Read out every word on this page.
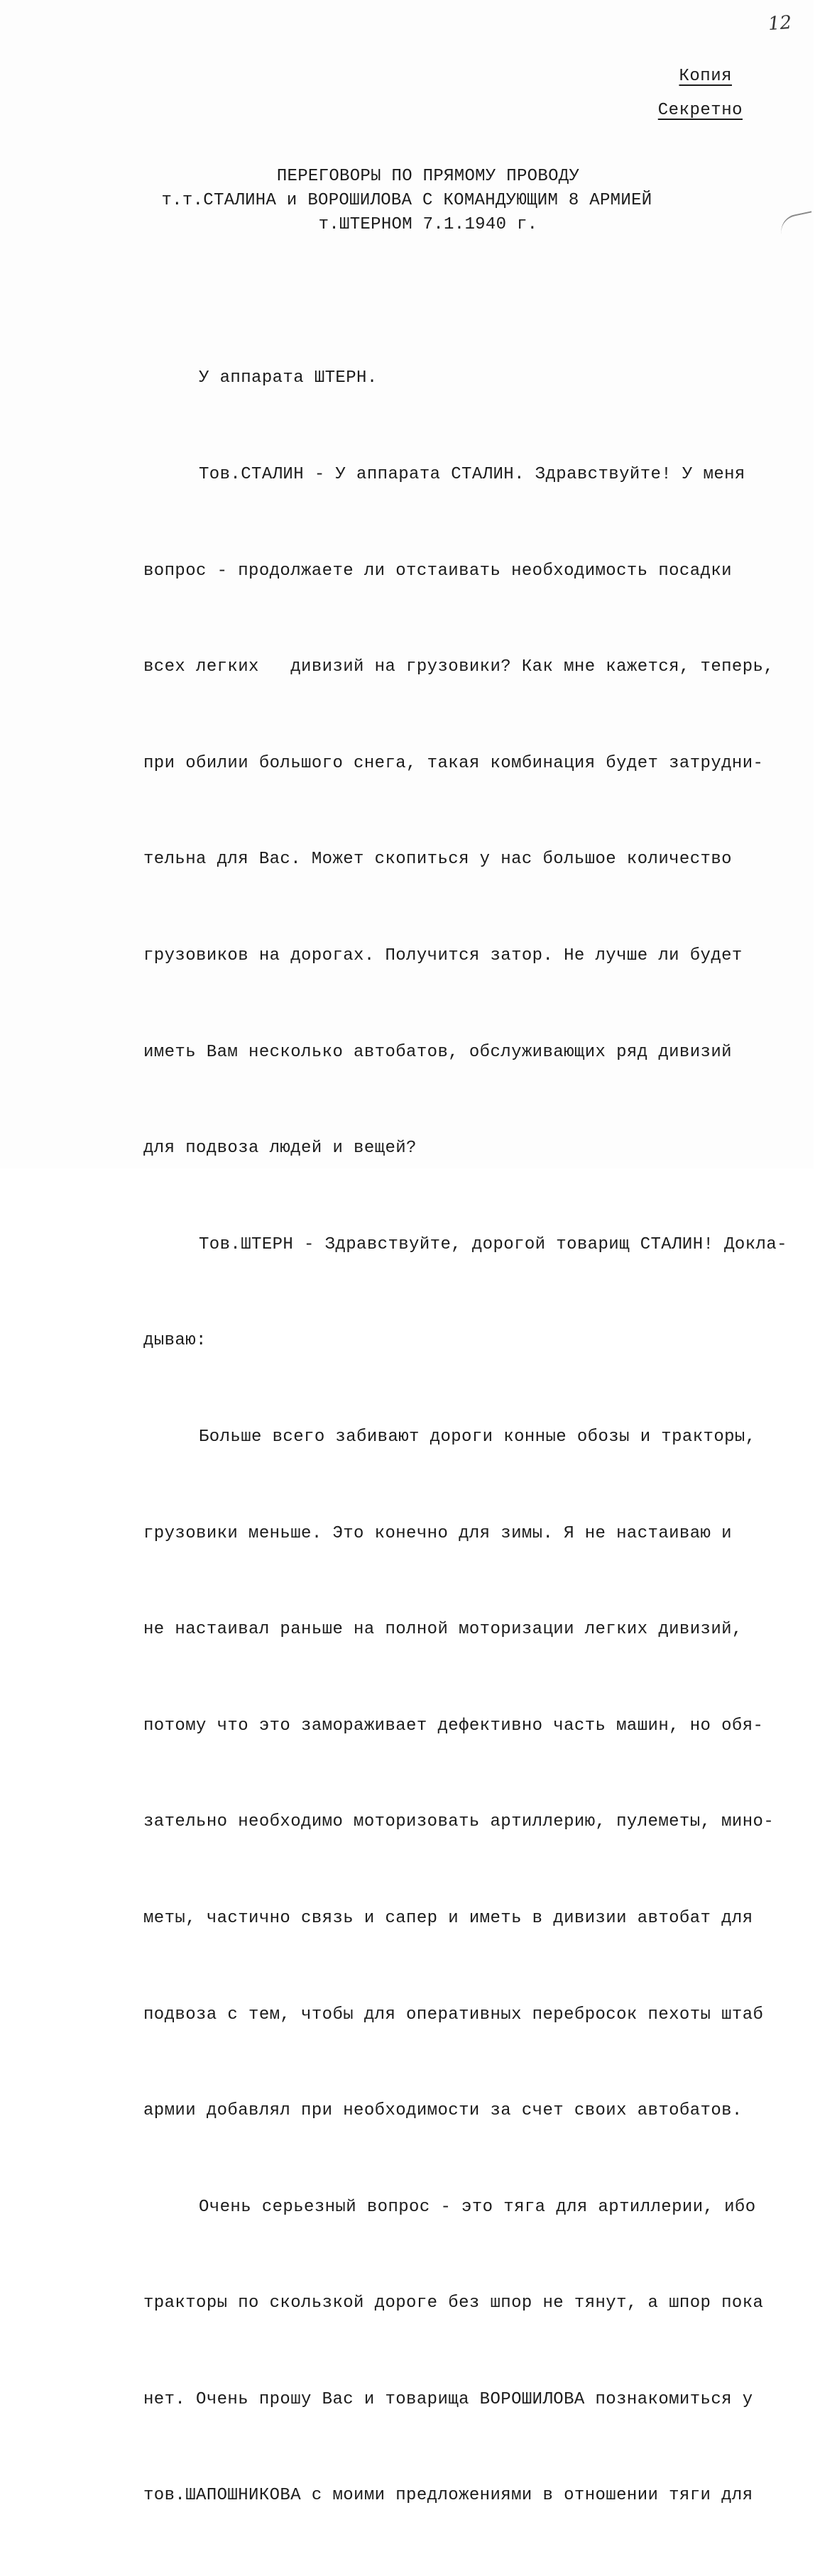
12
Копия
Секретно
ПЕРЕГОВОРЫ ПО ПРЯМОМУ ПРОВОДУ
т.т.СТАЛИНА и ВОРОШИЛОВА С КОМАНДУЮЩИМ 8 АРМИЕЙ
т.ШТЕРНОМ 7.1.1940 г.

У аппарата ШТЕРН.

Тов.СТАЛИН - У аппарата СТАЛИН. Здравствуйте! У меня

вопрос - продолжаете ли отстаивать необходимость посадки

всех легких   дивизий на грузовики? Как мне кажется, теперь,

при обилии большого снега, такая комбинация будет затрудни-

тельна для Вас. Может скопиться у нас большое количество

грузовиков на дорогах. Получится затор. Не лучше ли будет

иметь Вам несколько автобатов, обслуживающих ряд дивизий

для подвоза людей и вещей?

Тов.ШТЕРН - Здравствуйте, дорогой товарищ СТАЛИН! Доклa-

дываю:

Больше всего забивают дороги конные обозы и тракторы,

грузовики меньше. Это конечно для зимы. Я не настаиваю и

не настаивал раньше на полной моторизации легких дивизий,

потому что это замораживает дефективно часть машин, но обя-

зательно необходимо моторизовать артиллерию, пулеметы, мино-

меты, частично связь и сапер и иметь в дивизии автобат для

подвоза с тем, чтобы для оперативных перебросок пехоты штаб

армии добавлял при необходимости за счет своих автобатов.

Очень серьезный вопрос - это тяга для артиллерии, ибо

тракторы по скользкой дороге без шпор не тянут, а шпор пока

нет. Очень прошу Вас и товарища ВОРОШИЛОВА познакомиться у

тов.ШАПОШНИКОВА с моими предложениями в отношении тяги для
